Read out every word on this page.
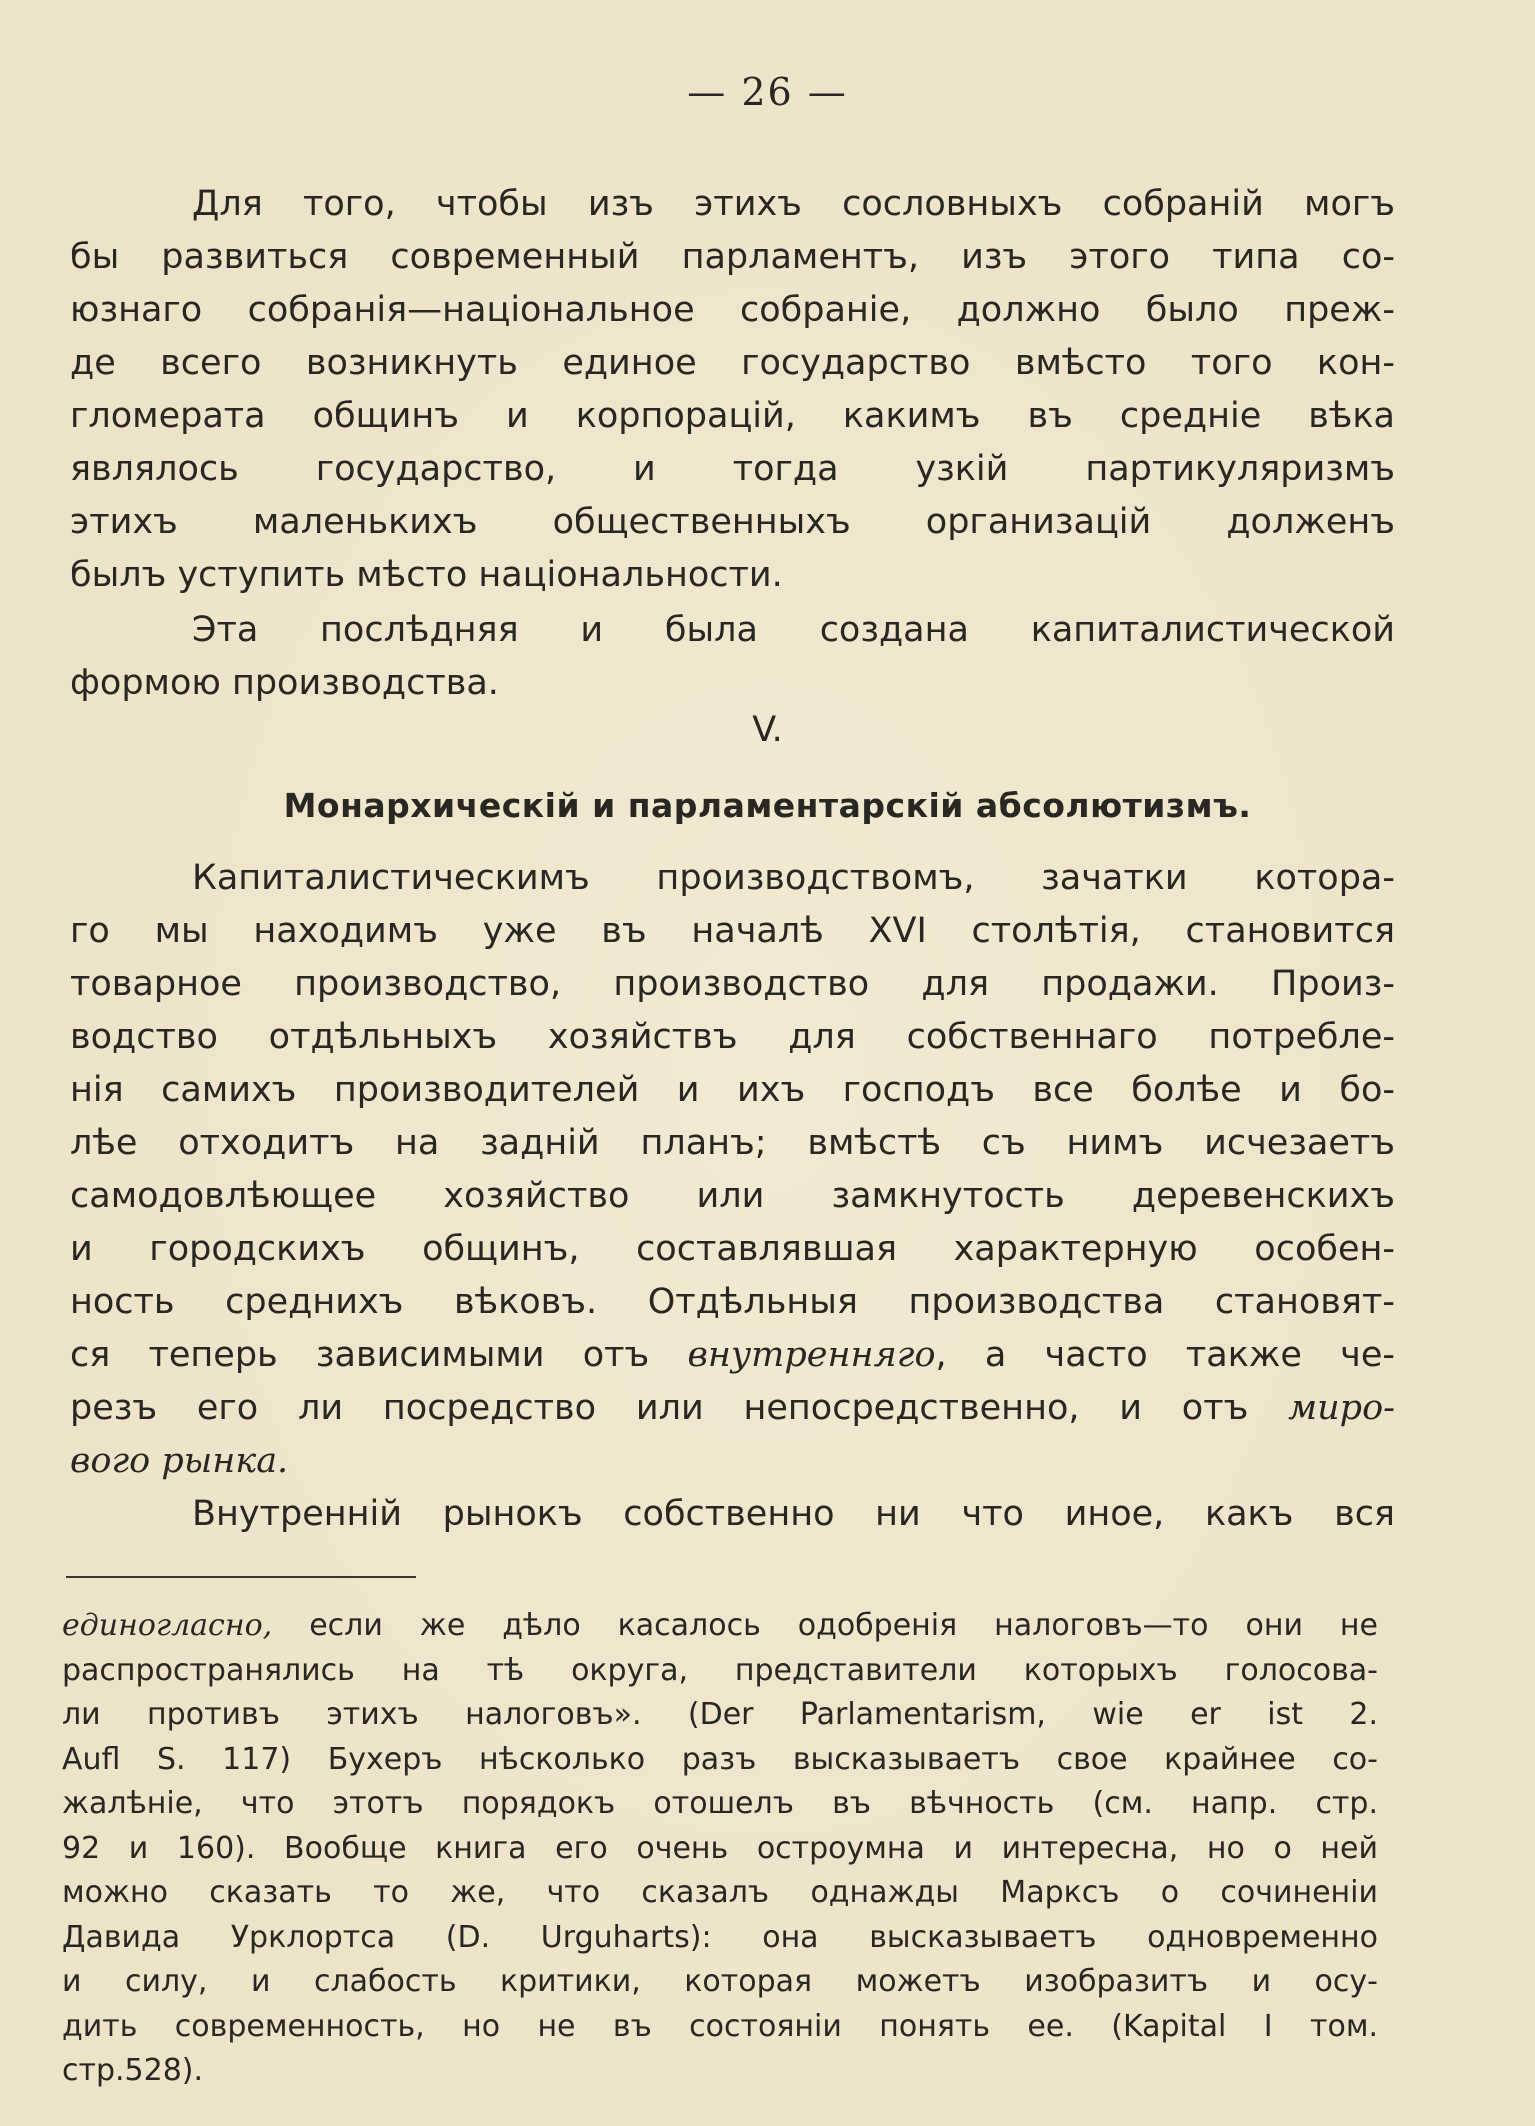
— 26 —
Для того, чтобы изъ этихъ сословныхъ собраній могъ
бы развиться современный парламентъ, изъ этого типа со-
юзнаго собранія—національное собраніе, должно было преж-
де всего возникнуть единое государство вмѣсто того кон-
гломерата общинъ и корпорацій, какимъ въ средніе вѣка
являлось государство, и тогда узкій партикуляризмъ
этихъ маленькихъ общественныхъ организацій долженъ
былъ уступить мѣсто національности.
Эта послѣдняя и была создана капиталистической
формою производства.
V.
Монархическій и парламентарскій абсолютизмъ.
Капиталистическимъ производствомъ, зачатки котора-
го мы находимъ уже въ началѣ XVI столѣтія, становится
товарное производство, производство для продажи. Произ-
водство отдѣльныхъ хозяйствъ для собственнаго потребле-
нія самихъ производителей и ихъ господъ все болѣе и бо-
лѣе отходитъ на заднiй планъ; вмѣстѣ съ нимъ исчезаетъ
самодовлѣющее хозяйство или замкнутость деревенскихъ
и городскихъ общинъ, составлявшая характерную особен-
ность среднихъ вѣковъ. Отдѣльныя производства становят-
ся теперь зависимыми отъ внутренняго, а часто также че-
резъ его ли посредство или непосредственно, и отъ миро-
вого рынка.
Внутренній рынокъ собственно ни что иное, какъ вся
единогласно, если же дѣло касалось одобренія налоговъ—то они не
распространялись на тѣ округа, представители которыхъ голосова-
ли противъ этихъ налоговъ». (Der Parlamentarism, wie er ist 2.
Aufl S. 117) Бухеръ нѣсколько разъ высказываетъ свое крайнее со-
жалѣніе, что этотъ порядокъ отошелъ въ вѣчность (см. напр. стр.
92 и 160). Вообще книга его очень остроумна и интересна, но о ней
можно сказать то же, что сказалъ однажды Марксъ о сочиненіи
Давида Урклортса (D. Urguharts): она высказываетъ одновременно
и силу, и слабость критики, которая можетъ изобразитъ и осу-
дить современность, но не въ состояніи понять ее. (Kapital I том.
стр.528).
